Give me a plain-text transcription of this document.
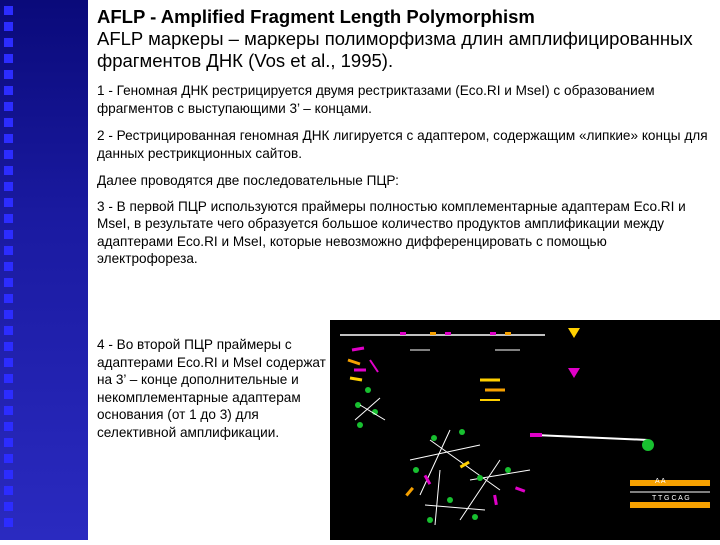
AFLP - Amplified Fragment Length Polymorphism

AFLP маркеры – маркеры полиморфизма длин амплифицированных фрагментов ДНК (Vos et al., 1995).

1 - Геномная ДНК рестрицируется двумя рестриктазами (Eco.RI и MseI) с образованием фрагментов с выступающими 3’ – концами.

2 - Рестрицированная геномная ДНК лигируется с адаптером, содержащим «липкие» концы для данных рестрикционных сайтов.

Далее проводятся две последовательные ПЦР:

3 - В первой ПЦР используются праймеры полностью комплементарные адаптерам Eco.RI и MseI, в результате чего образуется большое количество продуктов амплификации между адаптерами Eco.RI и MseI, которые невозможно дифференцировать с помощью электрофореза.

4 - Во второй ПЦР праймеры с адаптерами Eco.RI и MseI содержат на 3’ – конце дополнительные и некомплементарные адаптерам основания (от 1 до 3) для селективной амплификации.

A A
T T G C A G
